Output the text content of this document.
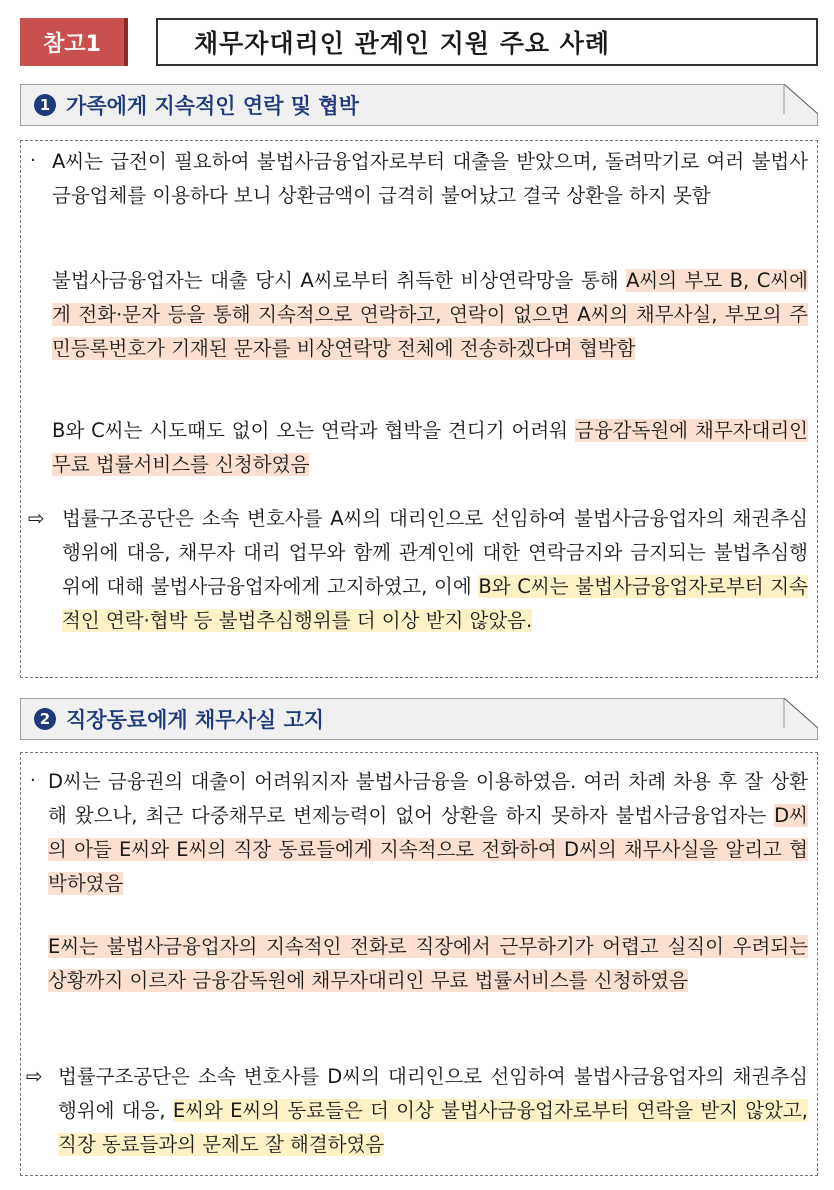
참고1	채무자대리인 관계인 지원 주요 사례
1 가족에게 지속적인 연락 및 협박
· A씨는 급전이 필요하여 불법사금융업자로부터 대출을 받았으며, 돌려막기로 여러 불법사금융업체를 이용하다 보니 상환금액이 급격히 불어났고 결국 상환을 하지 못함
불법사금융업자는 대출 당시 A씨로부터 취득한 비상연락망을 통해 A씨의 부모 B, C씨에게 전화·문자 등을 통해 지속적으로 연락하고, 연락이 없으면 A씨의 채무사실, 부모의 주민등록번호가 기재된 문자를 비상연락망 전체에 전송하겠다며 협박함
B와 C씨는 시도때도 없이 오는 연락과 협박을 견디기 어려워 금융감독원에 채무자대리인 무료 법률서비스를 신청하였음
⇨ 법률구조공단은 소속 변호사를 A씨의 대리인으로 선임하여 불법사금융업자의 채권추심 행위에 대응, 채무자 대리 업무와 함께 관계인에 대한 연락금지와 금지되는 불법추심행위에 대해 불법사금융업자에게 고지하였고, 이에 B와 C씨는 불법사금융업자로부터 지속적인 연락·협박 등 불법추심행위를 더 이상 받지 않았음.
2 직장동료에게 채무사실 고지
· D씨는 금융권의 대출이 어려워지자 불법사금융을 이용하였음. 여러 차례 차용 후 잘 상환해 왔으나, 최근 다중채무로 변제능력이 없어 상환을 하지 못하자 불법사금융업자는 D씨의 아들 E씨와 E씨의 직장 동료들에게 지속적으로 전화하여 D씨의 채무사실을 알리고 협박하였음
E씨는 불법사금융업자의 지속적인 전화로 직장에서 근무하기가 어렵고 실직이 우려되는 상황까지 이르자 금융감독원에 채무자대리인 무료 법률서비스를 신청하였음
⇨ 법률구조공단은 소속 변호사를 D씨의 대리인으로 선임하여 불법사금융업자의 채권추심 행위에 대응, E씨와 E씨의 동료들은 더 이상 불법사금융업자로부터 연락을 받지 않았고, 직장 동료들과의 문제도 잘 해결하였음
